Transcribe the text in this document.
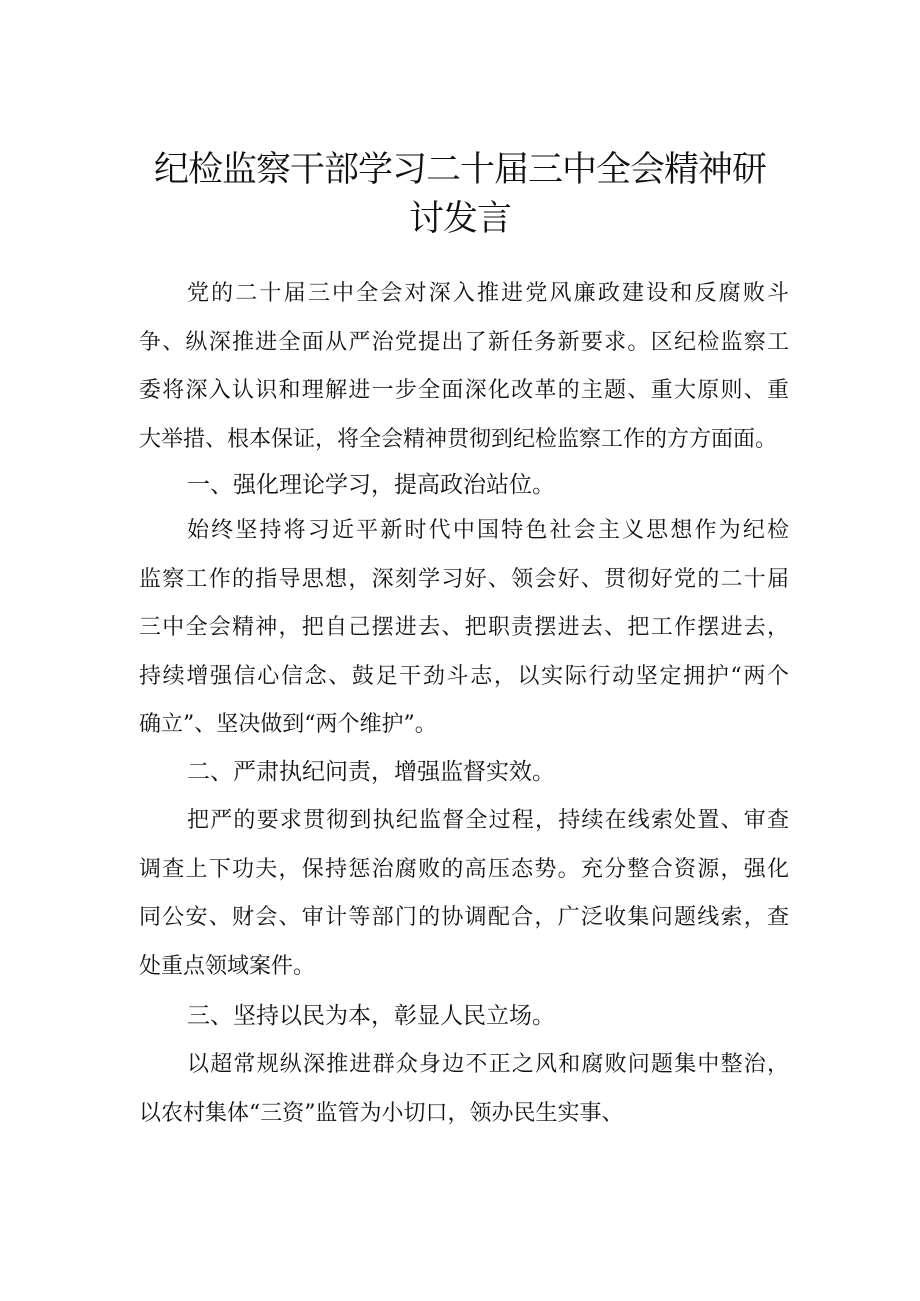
纪检监察干部学习二十届三中全会精神研
讨发言
党的二十届三中全会对深入推进党风廉政建设和反腐败斗
争、纵深推进全面从严治党提出了新任务新要求。区纪检监察工
委将深入认识和理解进一步全面深化改革的主题、重大原则、重
大举措、根本保证，将全会精神贯彻到纪检监察工作的方方面面。
一、强化理论学习，提高政治站位。
始终坚持将习近平新时代中国特色社会主义思想作为纪检
监察工作的指导思想，深刻学习好、领会好、贯彻好党的二十届
三中全会精神，把自己摆进去、把职责摆进去、把工作摆进去，
持续增强信心信念、鼓足干劲斗志，以实际行动坚定拥护“两个
确立”、坚决做到“两个维护”。
二、严肃执纪问责，增强监督实效。
把严的要求贯彻到执纪监督全过程，持续在线索处置、审查
调查上下功夫，保持惩治腐败的高压态势。充分整合资源，强化
同公安、财会、审计等部门的协调配合，广泛收集问题线索，查
处重点领域案件。
三、坚持以民为本，彰显人民立场。
以超常规纵深推进群众身边不正之风和腐败问题集中整治，
以农村集体“三资”监管为小切口，领办民生实事、
